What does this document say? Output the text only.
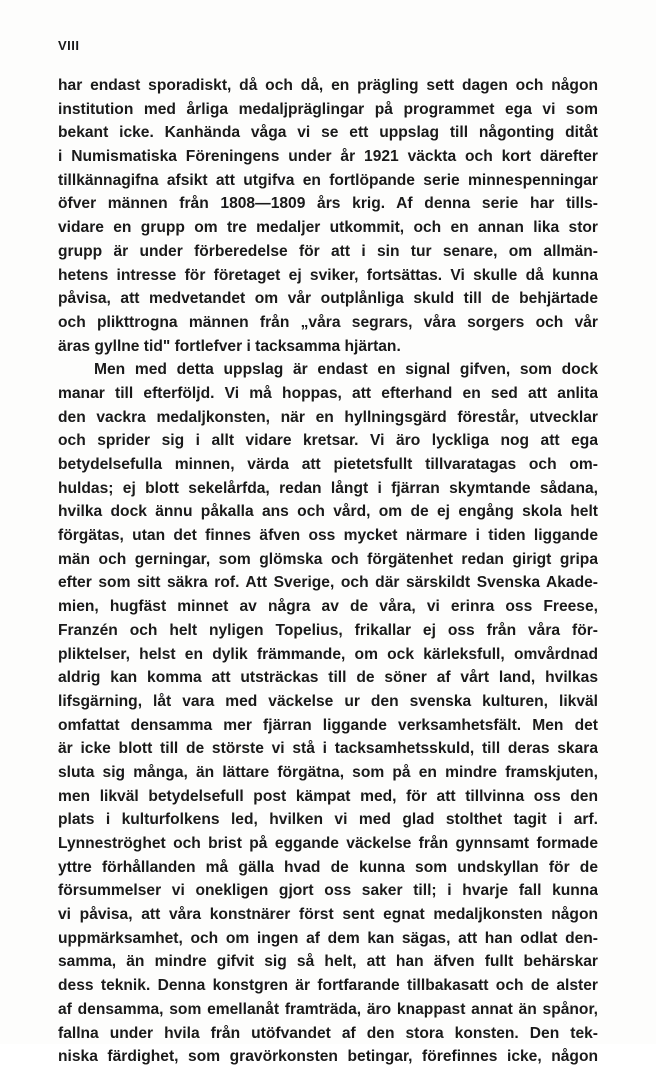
VIII

har endast sporadiskt, då och då, en prägling sett dagen och någon
institution med årliga medaljpräglingar på programmet ega vi som
bekant icke. Kanhända våga vi se ett uppslag till någonting ditåt
i Numismatiska Föreningens under år 1921 väckta och kort därefter
tillkännagifna afsikt att utgifva en fortlöpande serie minnespenningar
öfver männen från 1808—1809 års krig. Af denna serie har tills-
vidare en grupp om tre medaljer utkommit, och en annan lika stor
grupp är under förberedelse för att i sin tur senare, om allmän-
hetens intresse för företaget ej sviker, fortsättas. Vi skulle då kunna
påvisa, att medvetandet om vår outplånliga skuld till de behjärtade
och plikttrogna männen från „våra segrars, våra sorgers och vår
äras gyllne tid" fortlefver i tacksamma hjärtan.
Men med detta uppslag är endast en signal gifven, som dock
manar till efterföljd. Vi må hoppas, att efterhand en sed att anlita
den vackra medaljkonsten, när en hyllningsgärd förestår, utvecklar
och sprider sig i allt vidare kretsar. Vi äro lyckliga nog att ega
betydelsefulla minnen, värda att pietetsfullt tillvaratagas och om-
huldas; ej blott sekelårfda, redan långt i fjärran skymtande sådana,
hvilka dock ännu påkalla ans och vård, om de ej engång skola helt
förgätas, utan det finnes äfven oss mycket närmare i tiden liggande
män och gerningar, som glömska och förgätenhet redan girigt gripa
efter som sitt säkra rof. Att Sverige, och där särskildt Svenska Akade-
mien, hugfäst minnet av några av de våra, vi erinra oss Freese,
Franzén och helt nyligen Topelius, frikallar ej oss från våra för-
pliktelser, helst en dylik främmande, om ock kärleksfull, omvårdnad
aldrig kan komma att utsträckas till de söner af vårt land, hvilkas
lifsgärning, låt vara med väckelse ur den svenska kulturen, likväl
omfattat densamma mer fjärran liggande verksamhetsfält. Men det
är icke blott till de störste vi stå i tacksamhetsskuld, till deras skara
sluta sig många, än lättare förgätna, som på en mindre framskjuten,
men likväl betydelsefull post kämpat med, för att tillvinna oss den
plats i kulturfolkens led, hvilken vi med glad stolthet tagit i arf.
Lynneströghet och brist på eggande väckelse från gynnsamt formade
yttre förhållanden må gälla hvad de kunna som undskyllan för de
försummelser vi onekligen gjort oss saker till; i hvarje fall kunna
vi påvisa, att våra konstnärer först sent egnat medaljkonsten någon
uppmärksamhet, och om ingen af dem kan sägas, att han odlat den-
samma, än mindre gifvit sig så helt, att han äfven fullt behärskar
dess teknik. Denna konstgren är fortfarande tillbakasatt och de alster
af densamma, som emellanåt framträda, äro knappast annat än spånor,
fallna under hvila från utöfvandet af den stora konsten. Den tek-
niska färdighet, som gravörkonsten betingar, förefinnes icke, någon
